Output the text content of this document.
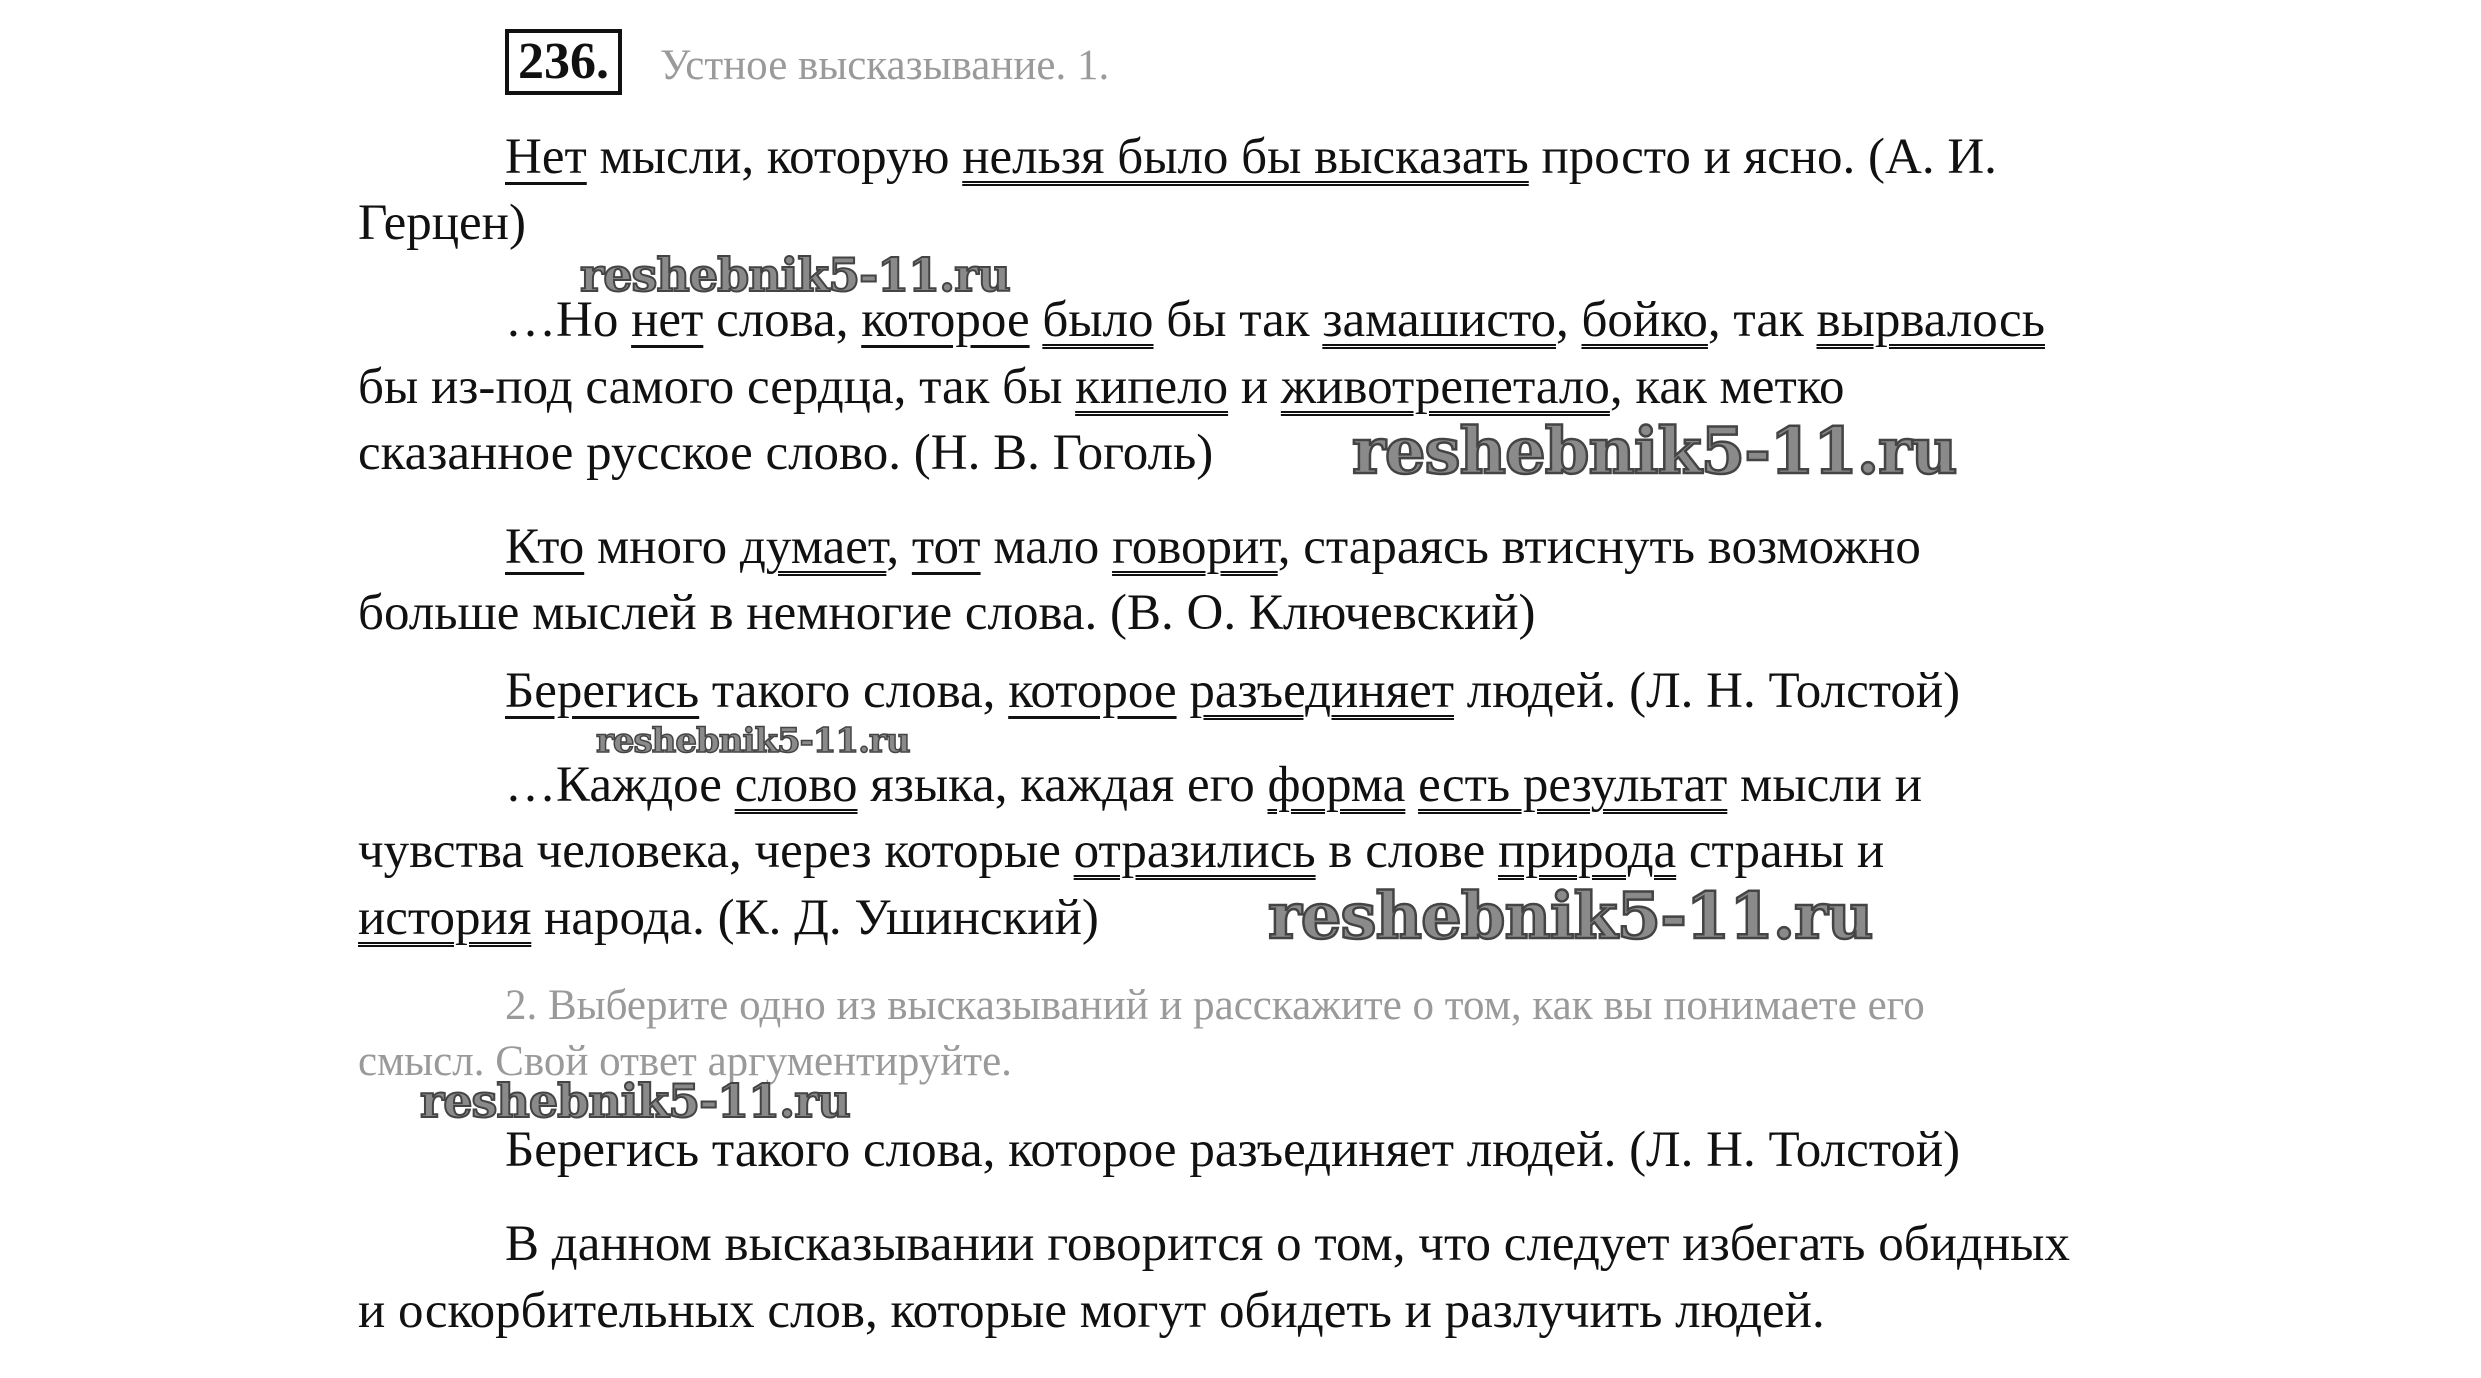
236.	Устное высказывание. 1.
Нет мысли, которую нельзя было бы высказать просто и ясно. (А. И.
Герцен)
reshebnik5-11.ru
…Но нет слова, которое было бы так замашисто, бойко, так вырвалось
бы из-под самого сердца, так бы кипело и животрепетало, как метко
сказанное русское слово. (Н. В. Гоголь) reshebnik5-11.ru
Кто много думает, тот мало говорит, стараясь втиснуть возможно
больше мыслей в немногие слова. (В. О. Ключевский)
Берегись такого слова, которое разъединяет людей. (Л. Н. Толстой)
reshebnik5-11.ru
…Каждое слово языка, каждая его форма есть результат мысли и
чувства человека, через которые отразились в слове природа страны и
история народа. (К. Д. Ушинский)	reshebnik5-11.ru
2. Выберите одно из высказываний и расскажите о том, как вы понимаете его
смысл. Свой ответ аргументируйте.
reshebnik5-11.ru
Берегись такого слова, которое разъединяет людей. (Л. Н. Толстой)
В данном высказывании говорится о том, что следует избегать обидных
и оскорбительных слов, которые могут обидеть и разлучить людей.
